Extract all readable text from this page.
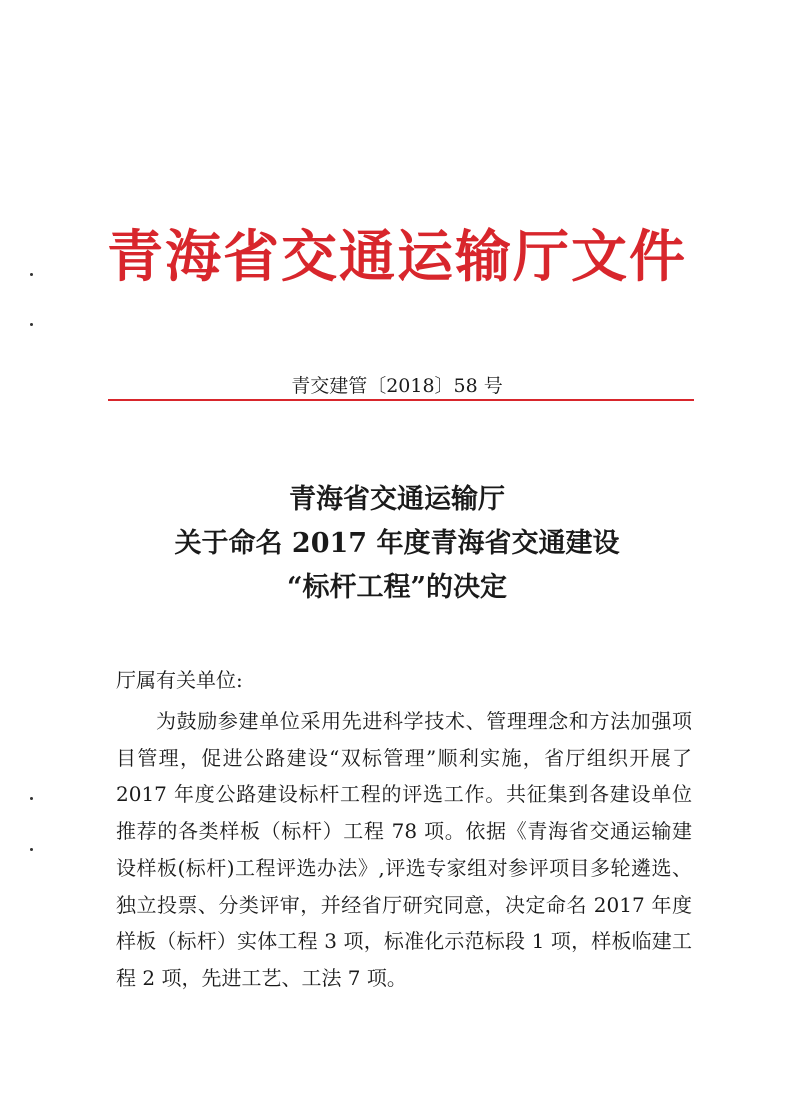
青海省交通运输厅文件

青交建管〔2018〕58 号

青海省交通运输厅
关于命名 2017 年度青海省交通建设
“标杆工程”的决定

厅属有关单位:

为鼓励参建单位采用先进科学技术、管理理念和方法加强项目管理，促进公路建设“双标管理”顺利实施，省厅组织开展了 2017 年度公路建设标杆工程的评选工作。共征集到各建设单位推荐的各类样板（标杆）工程 78 项。依据《青海省交通运输建设样板(标杆)工程评选办法》,评选专家组对参评项目多轮遴选、独立投票、分类评审，并经省厅研究同意，决定命名 2017 年度样板（标杆）实体工程 3 项，标准化示范标段 1 项，样板临建工程 2 项，先进工艺、工法 7 项。
